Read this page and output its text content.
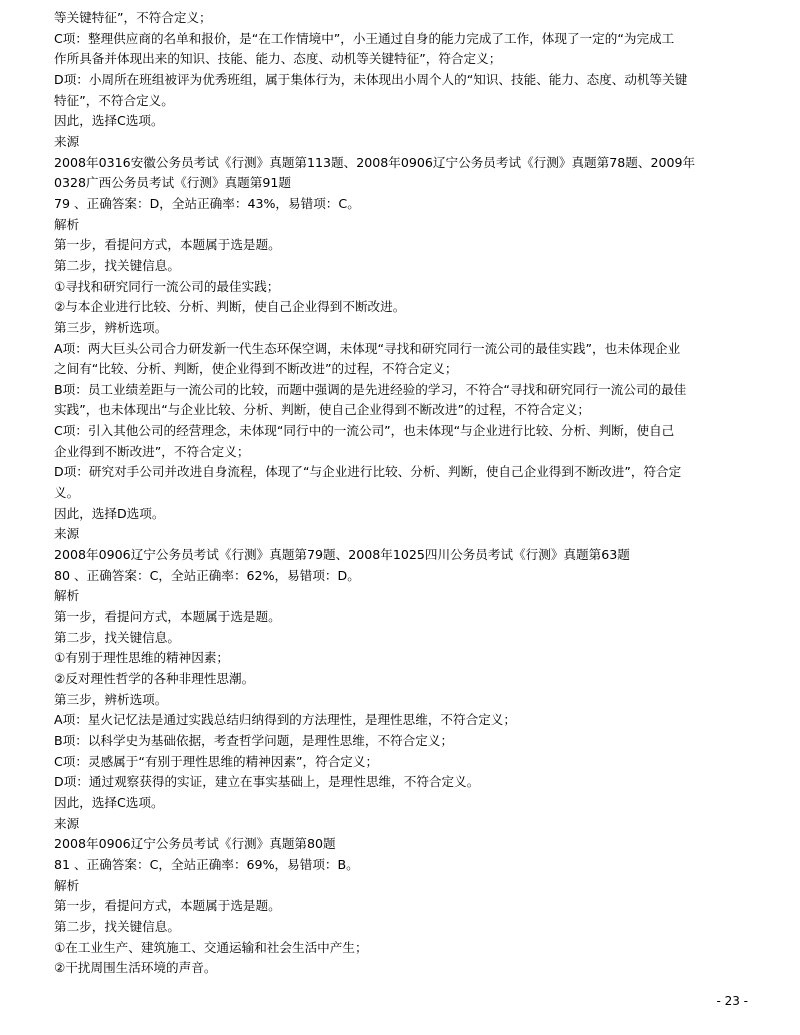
等关键特征”，不符合定义；
C项：整理供应商的名单和报价，是“在工作情境中”，小王通过自身的能力完成了工作，体现了一定的“为完成工
作所具备并体现出来的知识、技能、能力、态度、动机等关键特征”，符合定义；
D项：小周所在班组被评为优秀班组，属于集体行为，未体现出小周个人的“知识、技能、能力、态度、动机等关键
特征”，不符合定义。
因此，选择C选项。
来源
2008年0316安徽公务员考试《行测》真题第113题、2008年0906辽宁公务员考试《行测》真题第78题、2009年
0328广西公务员考试《行测》真题第91题
79 、正确答案：D，全站正确率：43%，易错项：C。
解析
第一步，看提问方式，本题属于选是题。
第二步，找关键信息。
①寻找和研究同行一流公司的最佳实践；
②与本企业进行比较、分析、判断，使自己企业得到不断改进。
第三步，辨析选项。
A项：两大巨头公司合力研发新一代生态环保空调，未体现“寻找和研究同行一流公司的最佳实践”，也未体现企业
之间有“比较、分析、判断，使企业得到不断改进”的过程，不符合定义；
B项：员工业绩差距与一流公司的比较，而题中强调的是先进经验的学习，不符合“寻找和研究同行一流公司的最佳
实践”，也未体现出“与企业比较、分析、判断，使自己企业得到不断改进”的过程，不符合定义；
C项：引入其他公司的经营理念，未体现“同行中的一流公司”，也未体现“与企业进行比较、分析、判断，使自己
企业得到不断改进”，不符合定义；
D项：研究对手公司并改进自身流程，体现了“与企业进行比较、分析、判断，使自己企业得到不断改进”，符合定
义。
因此，选择D选项。
来源
2008年0906辽宁公务员考试《行测》真题第79题、2008年1025四川公务员考试《行测》真题第63题
80 、正确答案：C，全站正确率：62%，易错项：D。
解析
第一步，看提问方式，本题属于选是题。
第二步，找关键信息。
①有别于理性思维的精神因素；
②反对理性哲学的各种非理性思潮。
第三步，辨析选项。
A项：星火记忆法是通过实践总结归纳得到的方法理性，是理性思维，不符合定义；
B项：以科学史为基础依据，考查哲学问题，是理性思维，不符合定义；
C项：灵感属于“有别于理性思维的精神因素”，符合定义；
D项：通过观察获得的实证，建立在事实基础上，是理性思维，不符合定义。
因此，选择C选项。
来源
2008年0906辽宁公务员考试《行测》真题第80题
81 、正确答案：C，全站正确率：69%，易错项：B。
解析
第一步，看提问方式，本题属于选是题。
第二步，找关键信息。
①在工业生产、建筑施工、交通运输和社会生活中产生；
②干扰周围生活环境的声音。
- 23 -
